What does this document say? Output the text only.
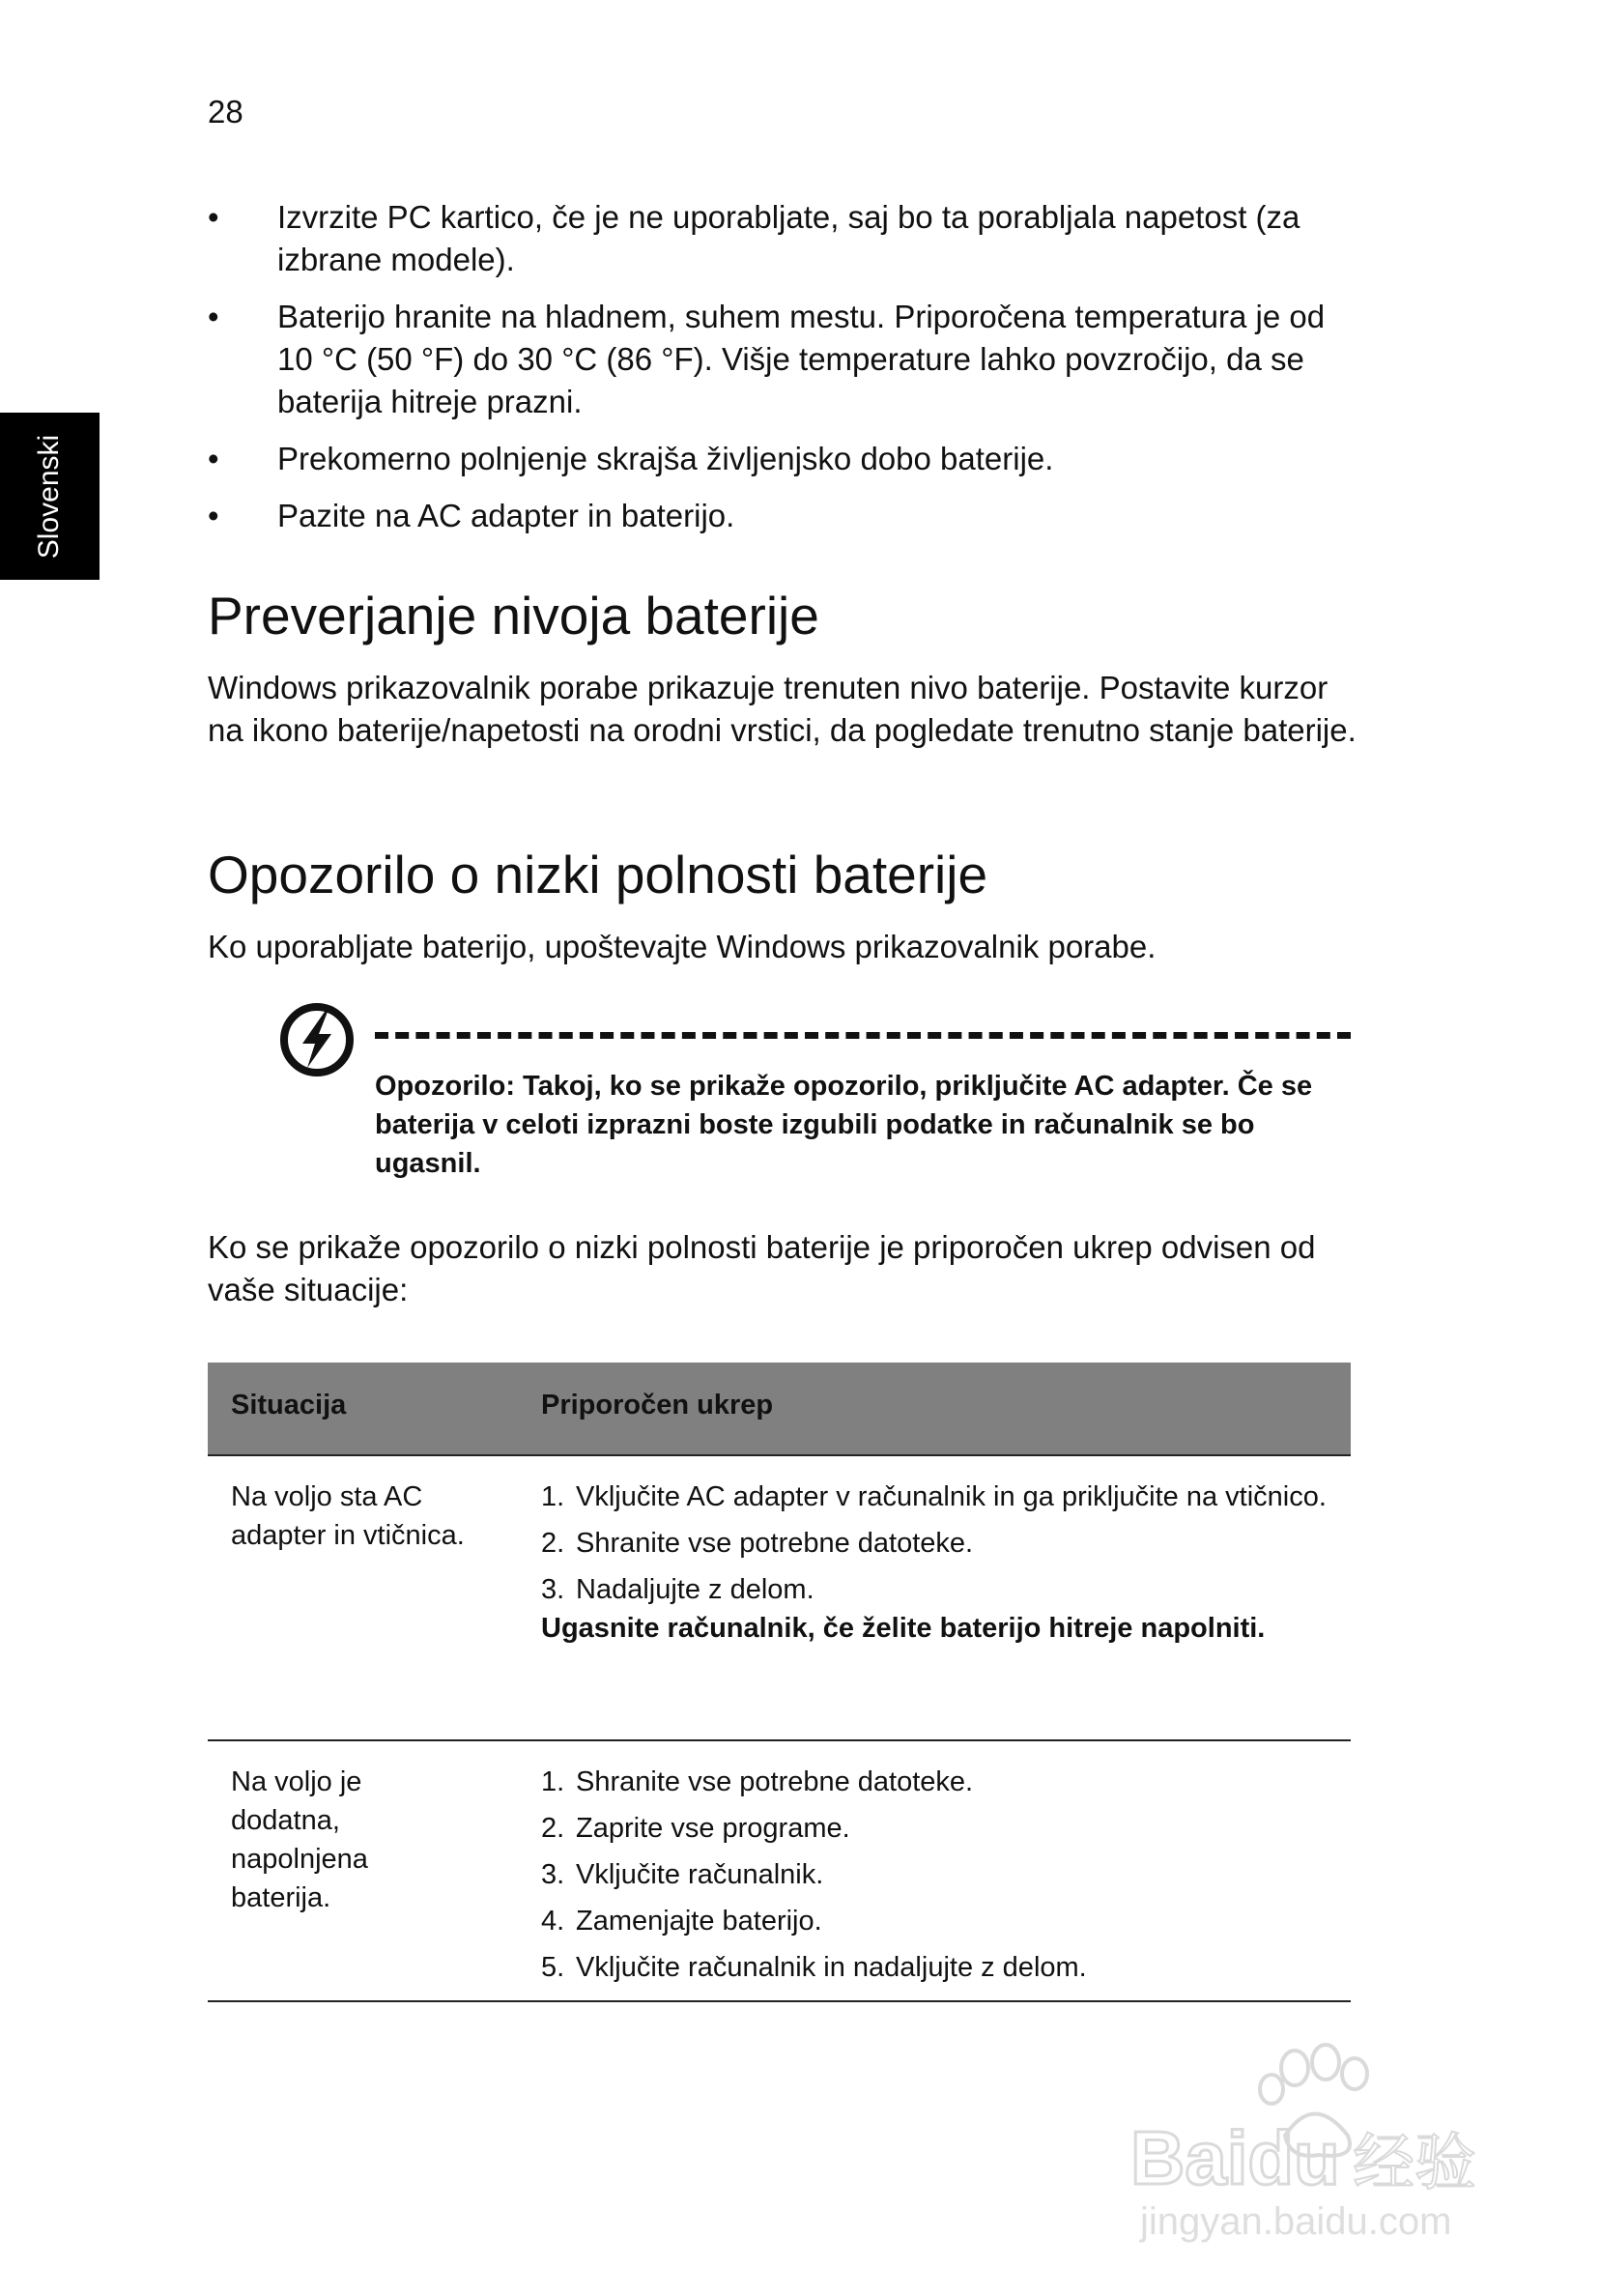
28
Slovenski
• Izvrzite PC kartico, če je ne uporabljate, saj bo ta porabljala napetost (za izbrane modele).
• Baterijo hranite na hladnem, suhem mestu. Priporočena temperatura je od 10 °C (50 °F) do 30 °C (86 °F). Višje temperature lahko povzročijo, da se baterija hitreje prazni.
• Prekomerno polnjenje skrajša življenjsko dobo baterije.
• Pazite na AC adapter in baterijo.
Preverjanje nivoja baterije

Windows prikazovalnik porabe prikazuje trenuten nivo baterije. Postavite kurzor na ikono baterije/napetosti na orodni vrstici, da pogledate trenutno stanje baterije.

Opozorilo o nizki polnosti baterije

Ko uporabljate baterijo, upoštevajte Windows prikazovalnik porabe.

Opozorilo: Takoj, ko se prikaže opozorilo, priključite AC adapter. Če se baterija v celoti izprazni boste izgubili podatke in računalnik se bo ugasnil.

Ko se prikaže opozorilo o nizki polnosti baterije je priporočen ukrep odvisen od vaše situacije:

Situacija	Priporočen ukrep
Na voljo sta AC adapter in vtičnica.
1. Vključite AC adapter v računalnik in ga priključite na vtičnico.
2. Shranite vse potrebne datoteke.
3. Nadaljujte z delom.
Ugasnite računalnik, če želite baterijo hitreje napolniti.
Na voljo je dodatna, napolnjena baterija.
1. Shranite vse potrebne datoteke.
2. Zaprite vse programe.
3. Vključite računalnik.
4. Zamenjajte baterijo.
5. Vključite računalnik in nadaljujte z delom.
Baidu 经验
jingyan.baidu.com
